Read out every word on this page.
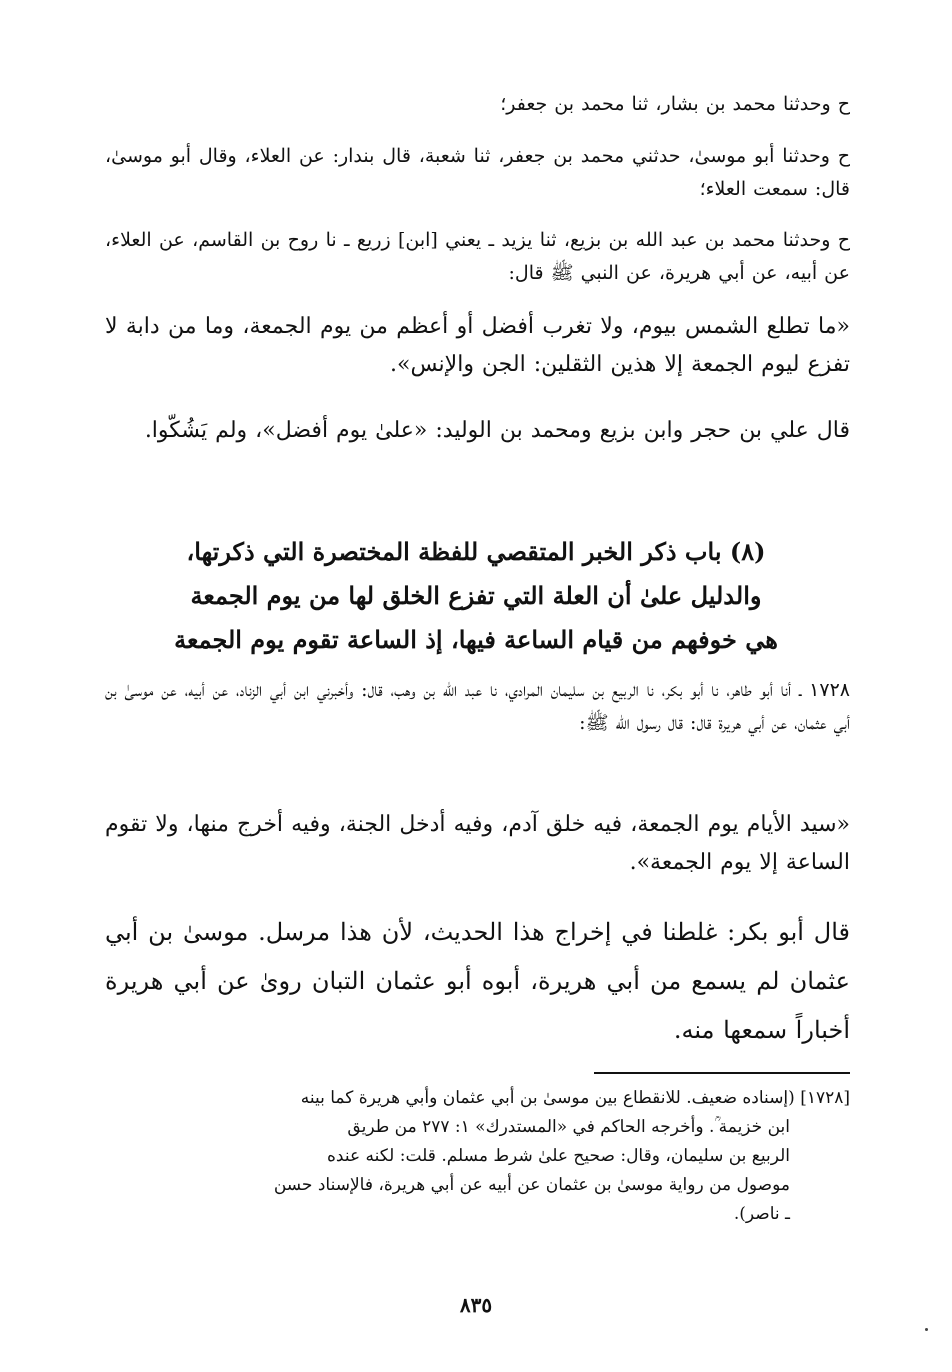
ح وحدثنا محمد بن بشار، ثنا محمد بن جعفر؛

ح وحدثنا أبو موسىٰ، حدثني محمد بن جعفر، ثنا شعبة، قال بندار: عن العلاء، وقال أبو موسىٰ، قال: سمعت العلاء؛

ح وحدثنا محمد بن عبد الله بن بزيع، ثنا يزيد ـ يعني [ابن] زريع ـ نا روح بن القاسم، عن العلاء، عن أبيه، عن أبي هريرة، عن النبي ﷺ قال:

«ما تطلع الشمس بيوم، ولا تغرب أفضل أو أعظم من يوم الجمعة، وما من دابة لا تفزع ليوم الجمعة إلا هذين الثقلين: الجن والإنس».

قال علي بن حجر وابن بزيع ومحمد بن الوليد: «علىٰ يوم أفضل»، ولم يَشُكّوا.

(٨) باب ذكر الخبر المتقصي للفظة المختصرة التي ذكرتها،
والدليل علىٰ أن العلة التي تفزع الخلق لها من يوم الجمعة
هي خوفهم من قيام الساعة فيها، إذ الساعة تقوم يوم الجمعة

١٧٢٨ ـ أنا أبو طاهر، نا أبو بكر، نا الربيع بن سليمان المرادي، نا عبد الله بن وهب، قال: وأخبرني ابن أبي الزناد، عن أبيه، عن موسىٰ بن أبي عثمان، عن أبي هريرة قال: قال رسول الله ﷺ:

«سيد الأيام يوم الجمعة، فيه خلق آدم، وفيه أدخل الجنة، وفيه أخرج منها، ولا تقوم الساعة إلا يوم الجمعة».

قال أبو بكر: غلطنا في إخراج هذا الحديث، لأن هذا مرسل. موسىٰ بن أبي عثمان لم يسمع من أبي هريرة، أبوه أبو عثمان التبان روىٰ عن أبي هريرة أخباراً سمعها منه.

[١٧٢٨] (إسناده ضعيف. للانقطاع بين موسىٰ بن أبي عثمان وأبي هريرة كما بينه
ابن خزيمة ؒ. وأخرجه الحاكم في «المستدرك» ١: ٢٧٧ من طريق
الربيع بن سليمان، وقال: صحيح علىٰ شرط مسلم. قلت: لكنه عنده
موصول من رواية موسىٰ بن عثمان عن أبيه عن أبي هريرة، فالإسناد حسن
ـ ناصر).
٨٣٥
